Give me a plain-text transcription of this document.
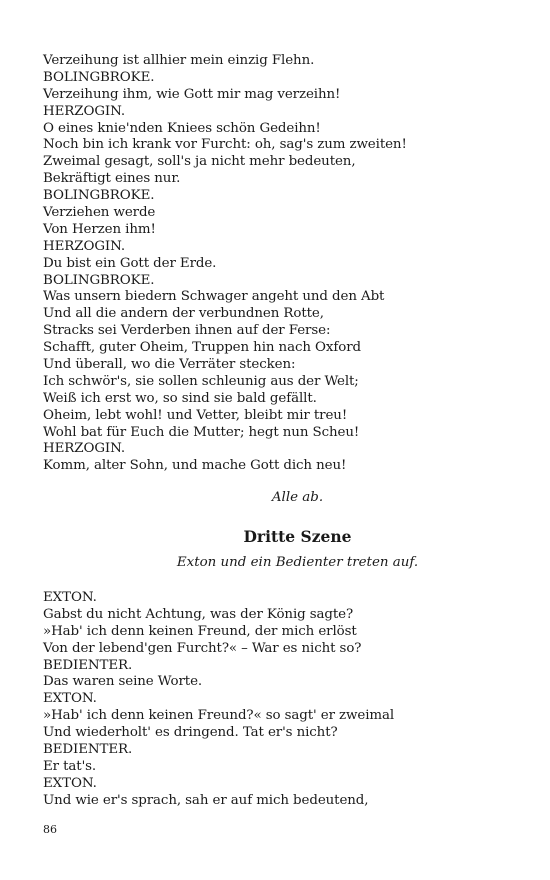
Verzeihung ist allhier mein einzig Flehn.
BOLINGBROKE.
Verzeihung ihm, wie Gott mir mag verzeihn!
HERZOGIN.
O eines knie'nden Kniees schön Gedeihn!
Noch bin ich krank vor Furcht: oh, sag's zum zweiten!
Zweimal gesagt, soll's ja nicht mehr bedeuten,
Bekräftigt eines nur.
BOLINGBROKE.
Verziehen werde
Von Herzen ihm!
HERZOGIN.
Du bist ein Gott der Erde.
BOLINGBROKE.
Was unsern biedern Schwager angeht und den Abt
Und all die andern der verbundnen Rotte,
Stracks sei Verderben ihnen auf der Ferse:
Schafft, guter Oheim, Truppen hin nach Oxford
Und überall, wo die Verräter stecken:
Ich schwör's, sie sollen schleunig aus der Welt;
Weiß ich erst wo, so sind sie bald gefällt.
Oheim, lebt wohl! und Vetter, bleibt mir treu!
Wohl bat für Euch die Mutter; hegt nun Scheu!
HERZOGIN.
Komm, alter Sohn, und mache Gott dich neu!
Alle ab.
Dritte Szene
Exton und ein Bedienter treten auf.
EXTON.
Gabst du nicht Achtung, was der König sagte?
»Hab' ich denn keinen Freund, der mich erlöst
Von der lebend'gen Furcht?« – War es nicht so?
BEDIENTER.
Das waren seine Worte.
EXTON.
»Hab' ich denn keinen Freund?« so sagt' er zweimal
Und wiederholt' es dringend. Tat er's nicht?
BEDIENTER.
Er tat's.
EXTON.
Und wie er's sprach, sah er auf mich bedeutend,
86
